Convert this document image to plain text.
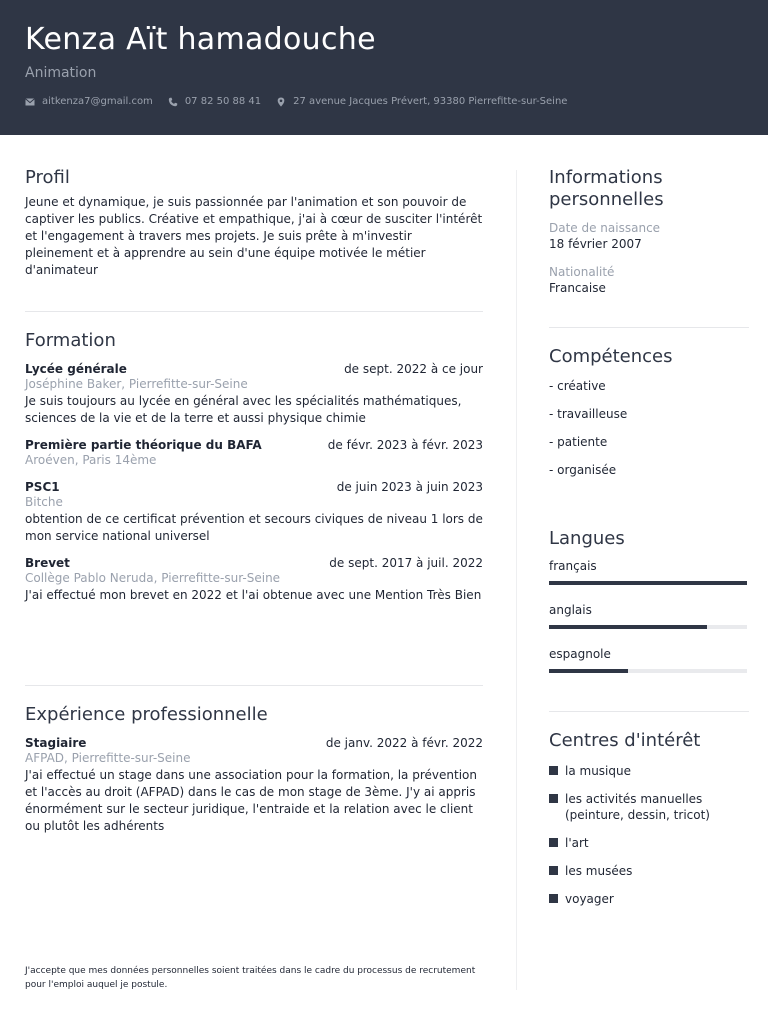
Kenza Aït hamadouche
Animation
aitkenza7@gmail.com	07 82 50 88 41	27 avenue Jacques Prévert, 93380 Pierrefitte-sur-Seine
Profil
Jeune et dynamique, je suis passionnée par l'animation et son pouvoir de captiver les publics. Créative et empathique, j'ai à cœur de susciter l'intérêt et l'engagement à travers mes projets. Je suis prête à m'investir pleinement et à apprendre au sein d'une équipe motivée le métier d'animateur
Formation
Lycée générale	de sept. 2022 à ce jour
Joséphine Baker, Pierrefitte-sur-Seine
Je suis toujours au lycée en général avec les spécialités mathématiques, sciences de la vie et de la terre et aussi physique chimie
Première partie théorique du BAFA	de févr. 2023 à févr. 2023
Aroéven, Paris 14ème
PSC1	de juin 2023 à juin 2023
Bitche
obtention de ce certificat prévention et secours civiques de niveau 1 lors de mon service national universel
Brevet	de sept. 2017 à juil. 2022
Collège Pablo Neruda, Pierrefitte-sur-Seine
J'ai effectué mon brevet en 2022 et l'ai obtenue avec une Mention Très Bien
Expérience professionnelle
Stagiaire	de janv. 2022 à févr. 2022
AFPAD, Pierrefitte-sur-Seine
J'ai effectué un stage dans une association pour la formation, la prévention et l'accès au droit (AFPAD) dans le cas de mon stage de 3ème. J'y ai appris énormément sur le secteur juridique, l'entraide et la relation avec le client ou plutôt les adhérents
Informations
personnelles
Date de naissance
18 février 2007
Nationalité
Francaise
Compétences
- créative
- travailleuse
- patiente
- organisée
Langues
français
anglais
espagnole
Centres d'intérêt
la musique
les activités manuelles (peinture, dessin, tricot)
l'art
les musées
voyager
J'accepte que mes données personnelles soient traitées dans le cadre du processus de recrutement pour l'emploi auquel je postule.
